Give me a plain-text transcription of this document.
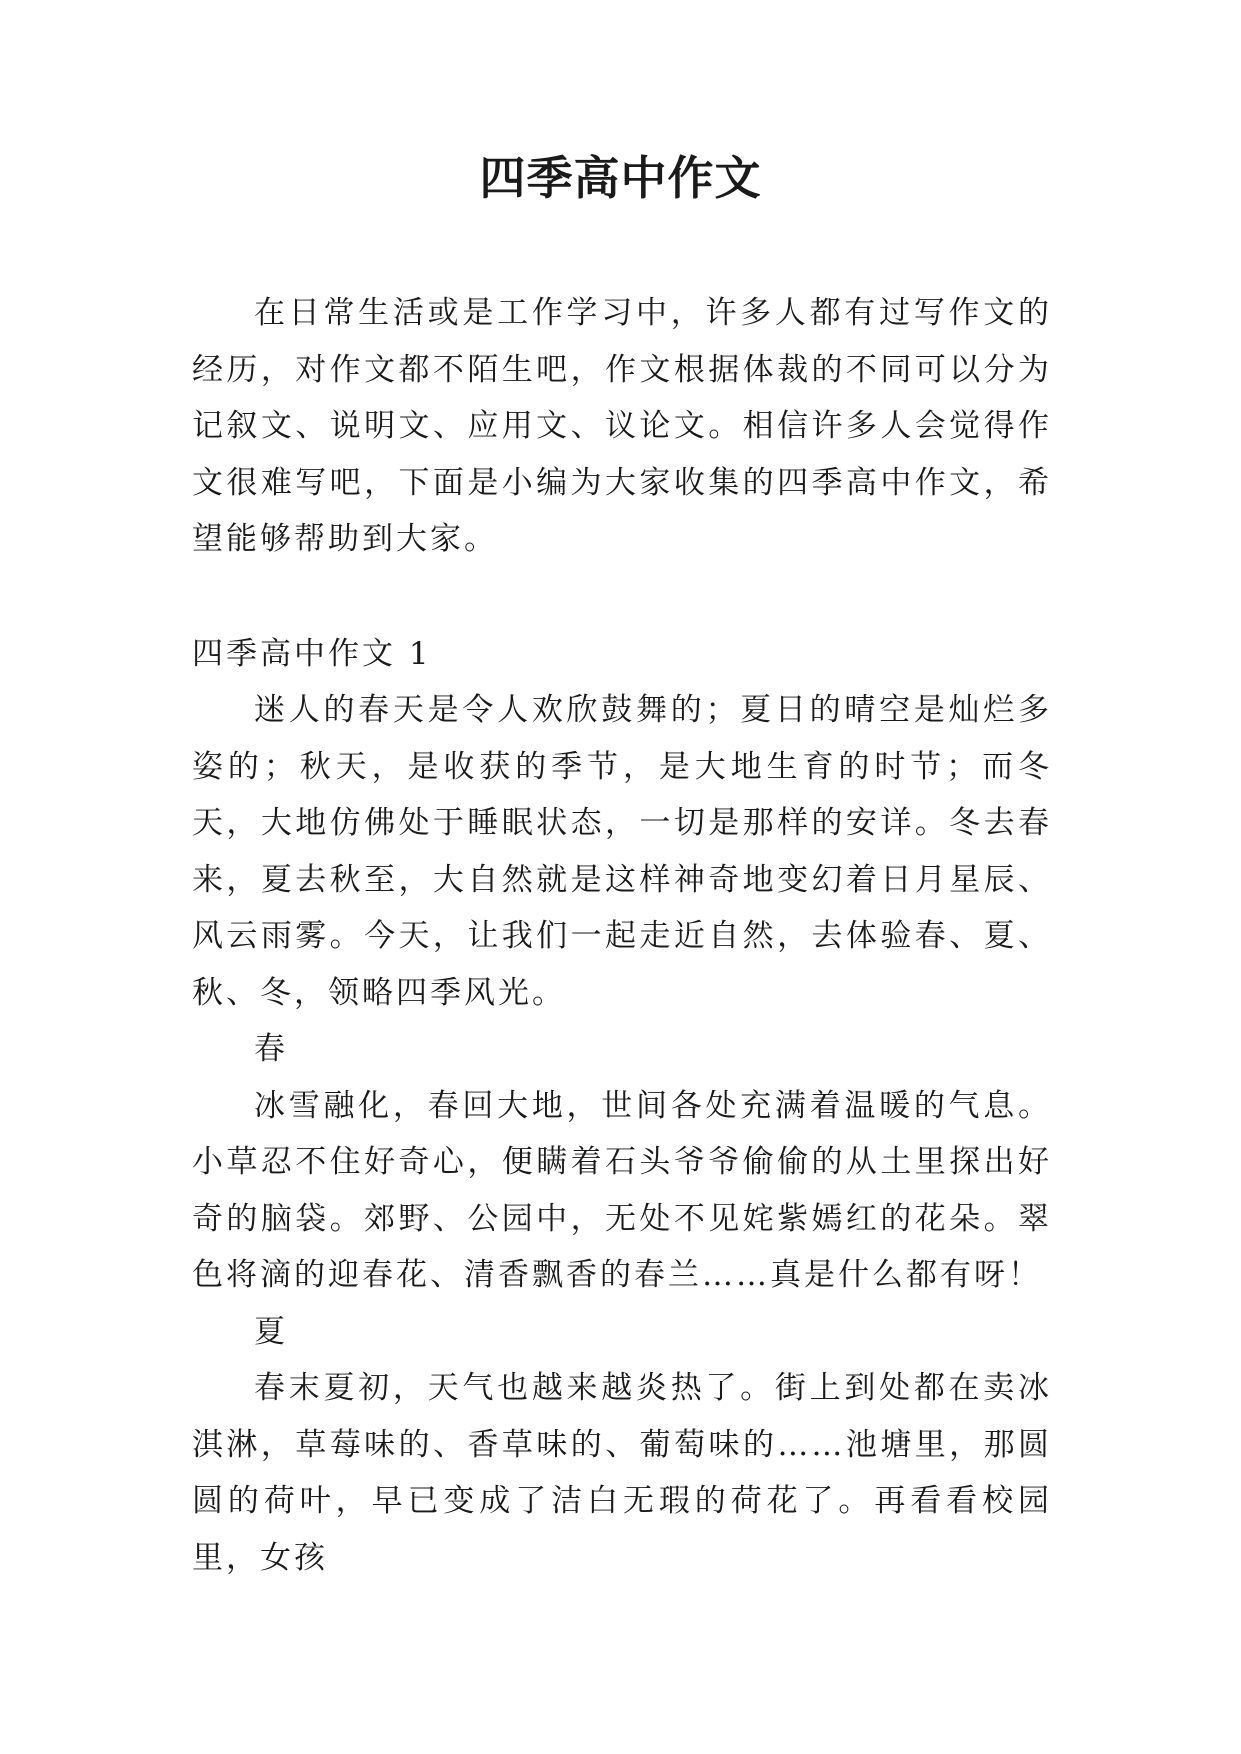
四季高中作文

在日常生活或是工作学习中，许多人都有过写作文的经历，对作文都不陌生吧，作文根据体裁的不同可以分为记叙文、说明文、应用文、议论文。相信许多人会觉得作文很难写吧，下面是小编为大家收集的四季高中作文，希望能够帮助到大家。

四季高中作文 1

迷人的春天是令人欢欣鼓舞的；夏日的晴空是灿烂多姿的；秋天，是收获的季节，是大地生育的时节；而冬天，大地仿佛处于睡眠状态，一切是那样的安详。冬去春来，夏去秋至，大自然就是这样神奇地变幻着日月星辰、风云雨雾。今天，让我们一起走近自然，去体验春、夏、秋、冬，领略四季风光。

春

冰雪融化，春回大地，世间各处充满着温暖的气息。小草忍不住好奇心，便瞒着石头爷爷偷偷的从土里探出好奇的脑袋。郊野、公园中，无处不见姹紫嫣红的花朵。翠色将滴的迎春花、清香飘香的春兰……真是什么都有呀！

夏

春末夏初，天气也越来越炎热了。街上到处都在卖冰淇淋，草莓味的、香草味的、葡萄味的……池塘里，那圆圆的荷叶，早已变成了洁白无瑕的荷花了。再看看校园里，女孩
